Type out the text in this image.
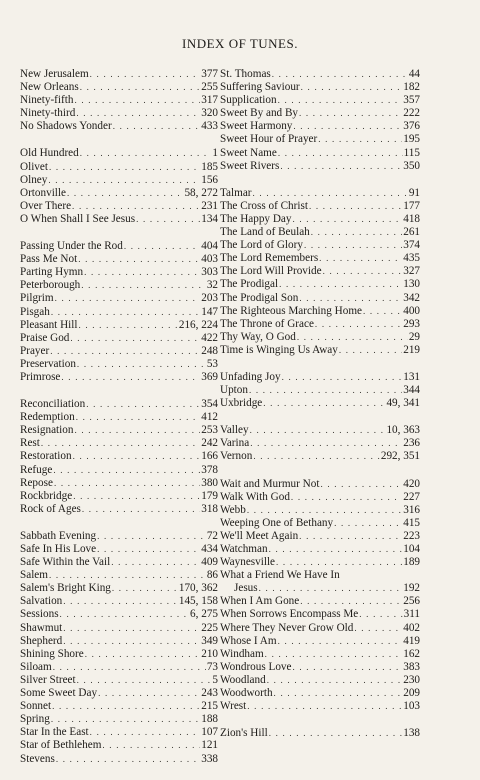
INDEX OF TUNES.
New Jerusalem . . .	377
New Orleans . . .	255
Ninety-fifth . . .	317
Ninety-third . . .	320
No Shadows Yonder . . .	433
Old Hundred . . .	1
Olivet . . .	185
Olney . . .	156
Ortonville . . .	58, 272
Over There . . .	231
O When Shall I See Jesus . . .	134
Passing Under the Rod . . .	404
Pass Me Not . . .	403
Parting Hymn . . .	303
Peterborough . . .	32
Pilgrim . . .	203
Pisgah . . .	147
Pleasant Hill . . .	216, 224
Praise God . . .	422
Prayer . . .	248
Preservation . . .	53
Primrose . . .	369
Reconciliation . . .	354
Redemption . . .	412
Resignation . . .	253
Rest . . .	242
Restoration . . .	166
Refuge . . .	378
Repose . . .	380
Rockbridge . . .	179
Rock of Ages . . .	318
Sabbath Evening . . .	72
Safe In His Love . . .	434
Safe Within the Vail . . .	409
Salem . . .	86
Salem's Bright King . . .	170, 362
Salvation . . .	145, 158
Sessions . . .	6, 275
Shawmut . . .	225
Shepherd . . .	349
Shining Shore . . .	210
Siloam . . .	73
Silver Street . . .	5
Some Sweet Day . . .	243
Sonnet . . .	215
Spring . . .	188
Star In the East . . .	107
Star of Bethlehem . . .	121
Stevens . . .	338
St. Thomas . . .	44
Suffering Saviour . . .	182
Supplication . . .	357
Sweet By and By . . .	222
Sweet Harmony . . .	376
Sweet Hour of Prayer . . .	195
Sweet Name . . .	115
Sweet Rivers . . .	350
Talmar . . .	91
The Cross of Christ . . .	177
The Happy Day . . .	418
The Land of Beulah . . .	261
The Lord of Glory . . .	374
The Lord Remembers . . .	435
The Lord Will Provide . . .	327
The Prodigal . . .	130
The Prodigal Son . . .	342
The Righteous Marching Home . . .	400
The Throne of Grace . . .	293
Thy Way, O God . . .	29
Time is Winging Us Away . . .	219
Unfading Joy . . .	131
Upton . . .	344
Uxbridge . . .	49, 341
Valley . . .	10, 363
Varina . . .	236
Vernon . . .	292, 351
Wait and Murmur Not . . .	420
Walk With God . . .	227
Webb . . .	316
Weeping One of Bethany . . .	415
We'll Meet Again . . .	223
Watchman . . .	104
Waynesville . . .	189
What a Friend We Have In
Jesus . . .	192
When I Am Gone . . .	256
When Sorrows Encompass Me . . .	311
Where They Never Grow Old . . .	402
Whose I Am . . .	419
Windham . . .	162
Wondrous Love . . .	383
Woodland . . .	230
Woodworth . . .	209
Wrest . . .	103
Zion's Hill . . .	138
